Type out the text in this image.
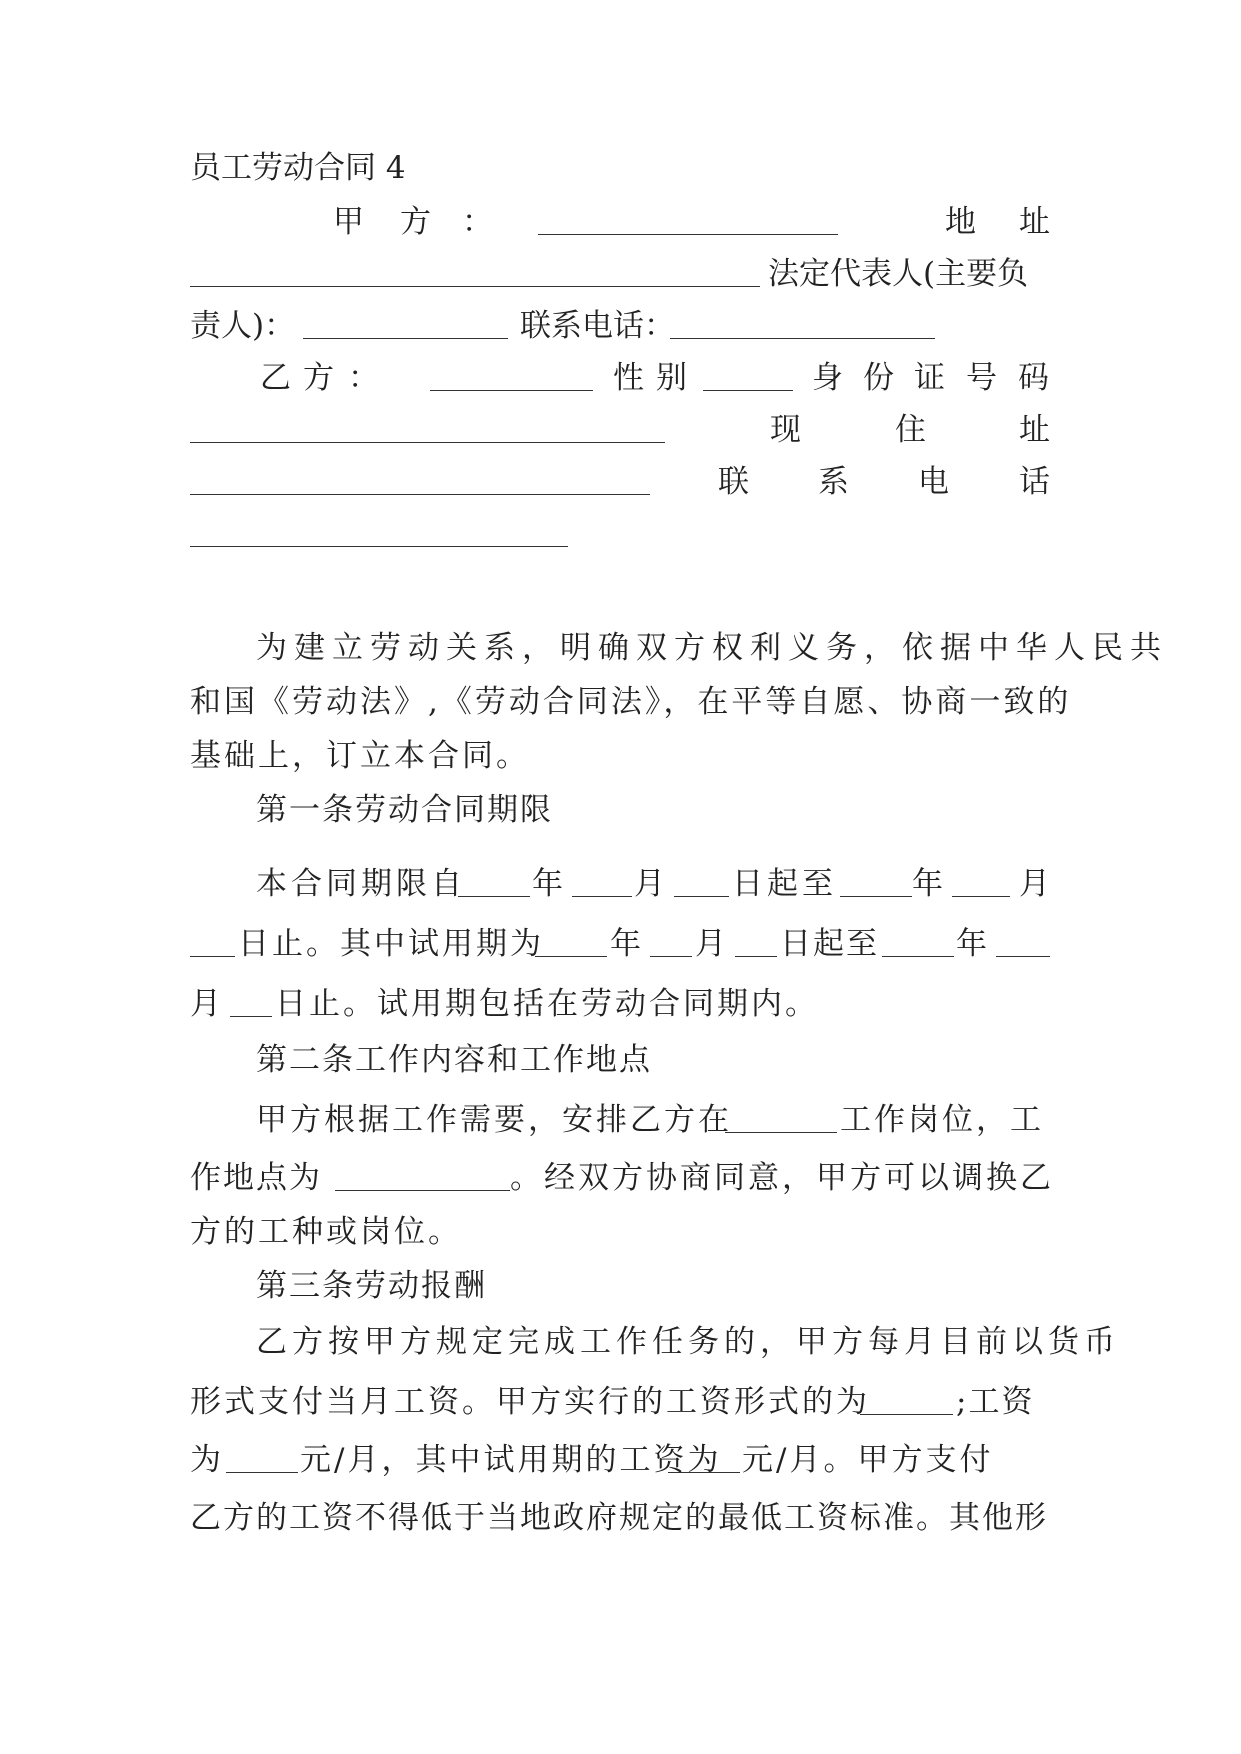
员工劳动合同 4
甲 方 ：	地 址
法定代表人(主要负
责人)：	联系电话：
乙 方 ：	性 别	身 份 证 号 码
现	住	址
联 系 电 话
为建立劳动关系，明确双方权利义务，依据中华人民共
和国《劳动法》,《劳动合同法》，在平等自愿、协商一致的
基础上，订立本合同。
第一条劳动合同期限
本合同期限自 年 月 日起至 年 月
日止。其中试用期为 年 月 日起至 年
月 日止。试用期包括在劳动合同期内。
第二条工作内容和工作地点
甲方根据工作需要，安排乙方在	工作岗位，工
作地点为	。经双方协商同意，甲方可以调换乙
方的工种或岗位。
第三条劳动报酬
乙方按甲方规定完成工作任务的，甲方每月目前以货币
形式支付当月工资。甲方实行的工资形式的为	;工资
为	元/月，其中试用期的工资为 元/月。甲方支付
乙方的工资不得低于当地政府规定的最低工资标准。其他形
